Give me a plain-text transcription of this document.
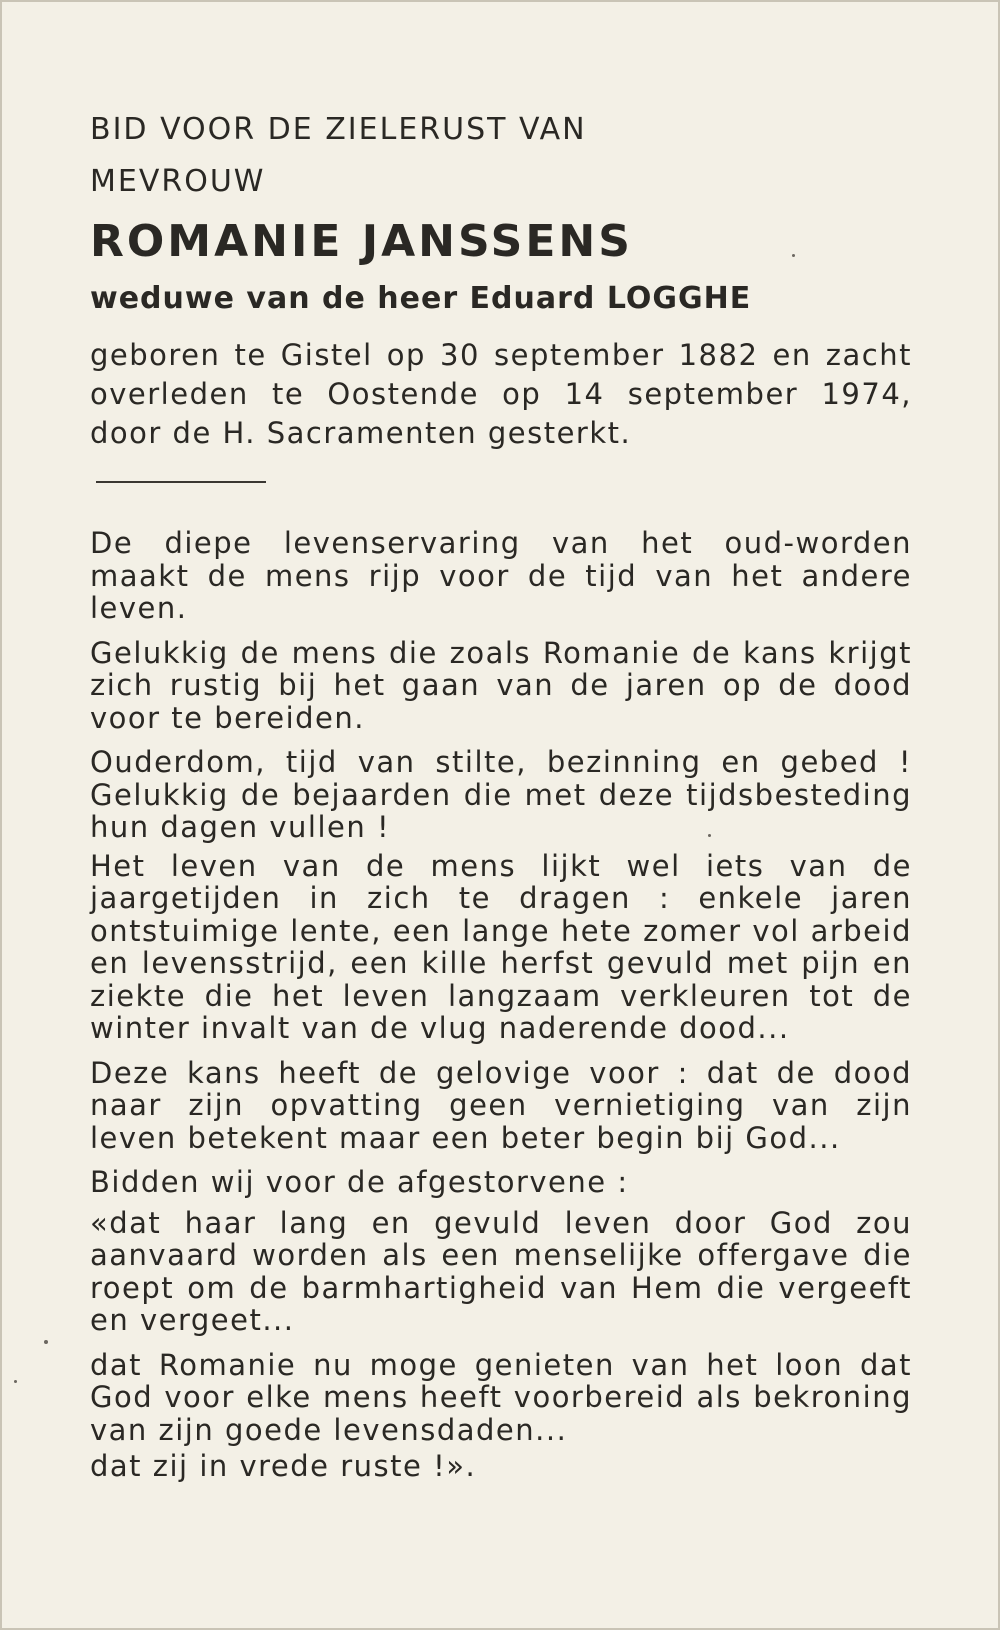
BID VOOR DE ZIELERUST VAN

MEVROUW

ROMANIE JANSSENS

weduwe van de heer Eduard LOGGHE

geboren te Gistel op 30 september 1882 en zacht overleden te Oostende op 14 september 1974, door de H. Sacramenten gesterkt.

De diepe levenservaring van het oud-worden maakt de mens rijp voor de tijd van het andere leven.

Gelukkig de mens die zoals Romanie de kans krijgt zich rustig bij het gaan van de jaren op de dood voor te bereiden.

Ouderdom, tijd van stilte, bezinning en gebed ! Gelukkig de bejaarden die met deze tijdsbesteding hun dagen vullen !

Het leven van de mens lijkt wel iets van de jaargetijden in zich te dragen : enkele jaren ontstuimige lente, een lange hete zomer vol arbeid en levensstrijd, een kille herfst gevuld met pijn en ziekte die het leven langzaam verkleuren tot de winter invalt van de vlug naderende dood...

Deze kans heeft de gelovige voor : dat de dood naar zijn opvatting geen vernietiging van zijn leven betekent maar een beter begin bij God...

Bidden wij voor de afgestorvene :

«dat haar lang en gevuld leven door God zou aanvaard worden als een menselijke offergave die roept om de barmhartigheid van Hem die vergeeft en vergeet...

dat Romanie nu moge genieten van het loon dat God voor elke mens heeft voorbereid als bekroning van zijn goede levensdaden...

dat zij in vrede ruste !».
